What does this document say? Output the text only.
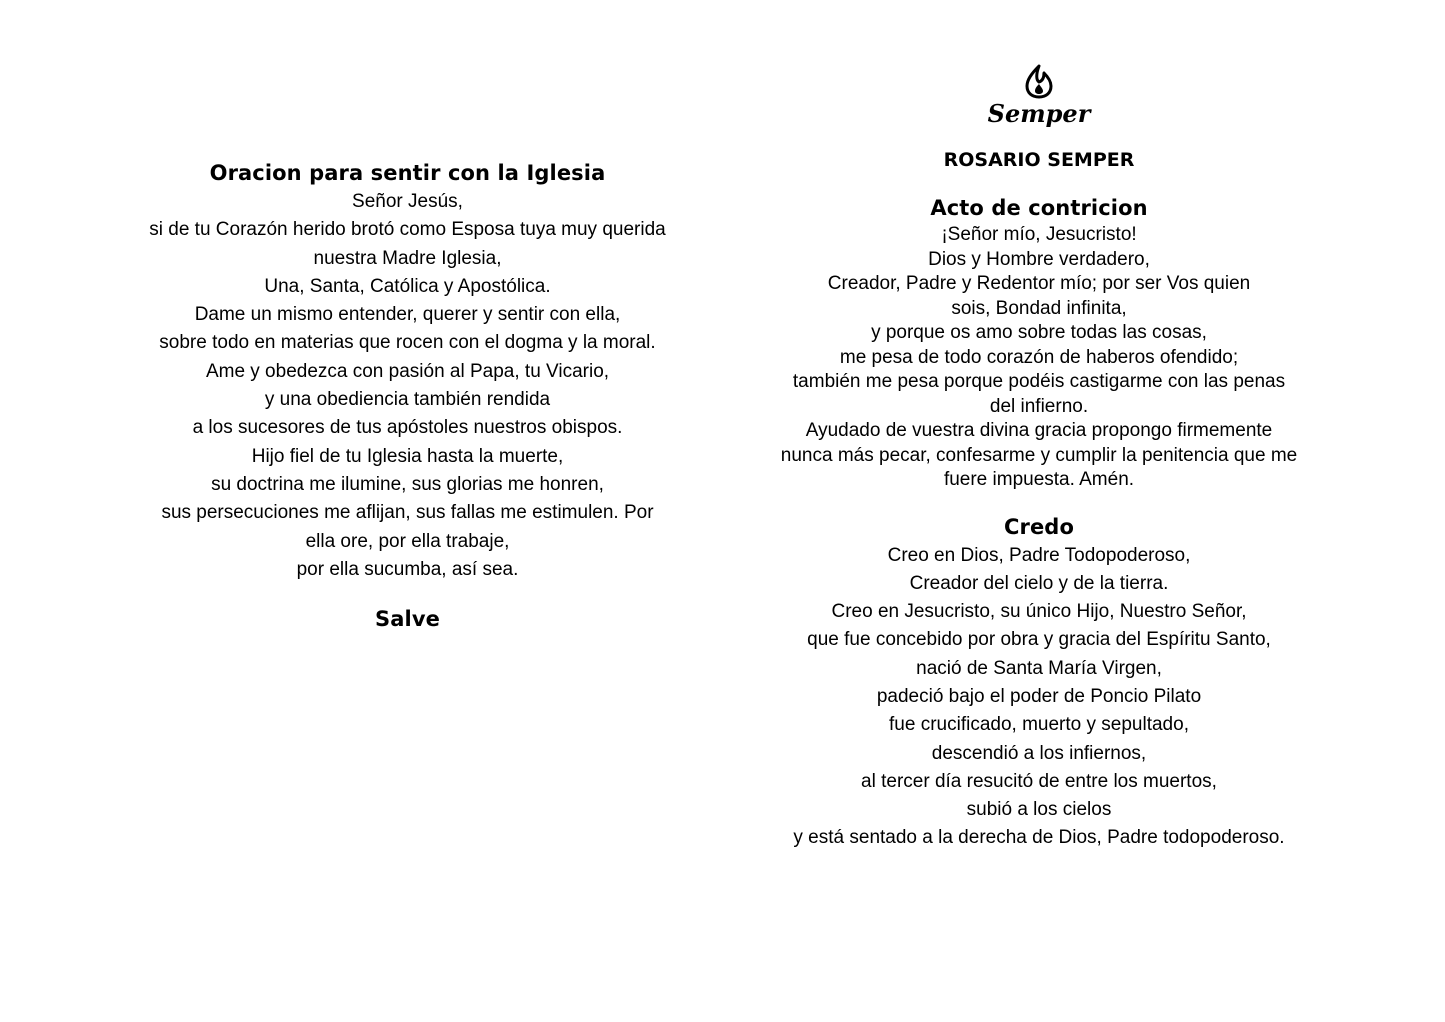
Oracion para sentir con la Iglesia
Señor Jesús,
si de tu Corazón herido brotó como Esposa tuya muy querida
nuestra Madre Iglesia,
Una, Santa, Católica y Apostólica.
Dame un mismo entender, querer y sentir con ella,
sobre todo en materias que rocen con el dogma y la moral.
Ame y obedezca con pasión al Papa, tu Vicario,
y una obediencia también rendida
a los sucesores de tus apóstoles nuestros obispos.
Hijo fiel de tu Iglesia hasta la muerte,
su doctrina me ilumine, sus glorias me honren,
sus persecuciones me aflijan, sus fallas me estimulen. Por
ella ore, por ella trabaje,
por ella sucumba, así sea.
Salve
Semper
ROSARIO SEMPER
Acto de contricion
¡Señor mío, Jesucristo!
Dios y Hombre verdadero,
Creador, Padre y Redentor mío; por ser Vos quien
sois, Bondad infinita,
y porque os amo sobre todas las cosas,
me pesa de todo corazón de haberos ofendido;
también me pesa porque podéis castigarme con las penas
del infierno.
Ayudado de vuestra divina gracia propongo firmemente
nunca más pecar, confesarme y cumplir la penitencia que me
fuere impuesta. Amén.
Credo
Creo en Dios, Padre Todopoderoso,
Creador del cielo y de la tierra.
Creo en Jesucristo, su único Hijo, Nuestro Señor,
que fue concebido por obra y gracia del Espíritu Santo,
nació de Santa María Virgen,
padeció bajo el poder de Poncio Pilato
fue crucificado, muerto y sepultado,
descendió a los infiernos,
al tercer día resucitó de entre los muertos,
subió a los cielos
y está sentado a la derecha de Dios, Padre todopoderoso.
